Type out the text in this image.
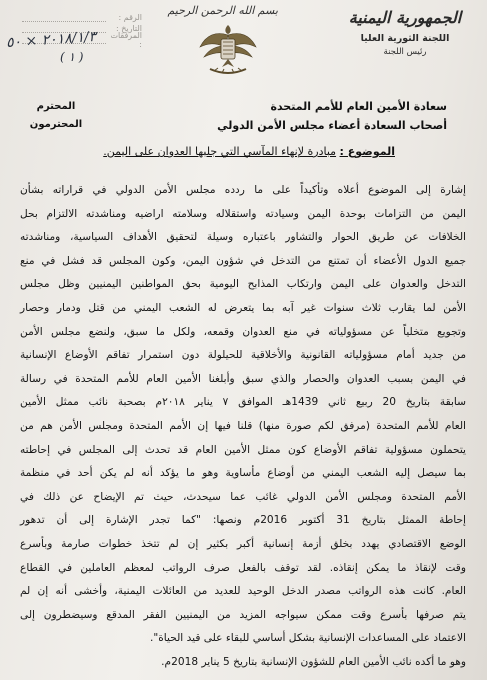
الجمهورية اليمنية
اللجنة الثورية العليا
رئيس اللجنة
بسم الله الرحمن الرحيم
الرقم :
التاريخ :
المرفقات :
٢٠١٨/١/٣ × ٥٠
( ١ )
سعادة الأمين العام للأمم المتحدة
أصحاب السعادة أعضاء مجلس الأمن الدولي
المحترم
المحترمون
الموضوع : مبادرة لإنهاء المآسي التي جلبها العدوان على اليمن.
إشارة إلى الموضوع أعلاه وتأكيداً على ما ردده مجلس الأمن الدولي في قراراته بشأن
اليمن من التزامات بوحدة اليمن وسيادته واستقلاله وسلامته اراضيه ومناشدته الالتزام بحل
الخلافات عن طريق الحوار والتشاور باعتباره وسيلة لتحقيق الأهداف السياسية، ومناشدته
جميع الدول الأعضاء أن تمتنع من التدخل في شؤون اليمن، وكون المجلس قد فشل في منع
التدخل والعدوان على اليمن وارتكاب المذابح اليومية بحق المواطنين اليمنيين وظل مجلس
الأمن لما يقارب ثلاث سنوات غير آبه بما يتعرض له الشعب اليمني من قتل ودمار وحصار
وتجويع متخلياً عن مسؤولياته في منع العدوان وقمعه، ولكل ما سبق، ولنضع مجلس الأمن
من جديد أمام مسؤولياته القانونية والأخلاقية للحيلولة دون استمرار تفاقم الأوضاع الإنسانية
في اليمن بسبب العدوان والحصار والذي سبق وأبلغنا الأمين العام للأمم المتحدة في رسالة
سابقة بتاريخ 20 ربيع ثاني 1439هـ الموافق ٧ يناير ٢٠١٨م بصحبة نائب ممثل الأمين
العام للأمم المتحدة (مرفق لكم صورة منها) قلنا فيها إن الأمم المتحدة ومجلس الأمن هم من
يتحملون مسؤولية تفاقم الأوضاع كون ممثل الأمين العام قد تحدث إلى المجلس في إحاطته
بما سيصل إليه الشعب اليمني من أوضاع مأساوية وهو ما يؤكد أنه لم يكن أحد في منظمة
الأمم المتحدة ومجلس الأمن الدولي غائب عما سيحدث، حيث تم الإيضاح عن ذلك في
إحاطة الممثل بتاريخ 31 أكتوبر 2016م ونصها: "كما تجدر الإشارة إلى أن تدهور
الوضع الاقتصادي يهدد بخلق أزمة إنسانية أكبر بكثير إن لم تتخذ خطوات صارمة وبأسرع
وقت لإنقاذ ما يمكن إنقاذه. لقد توقف بالفعل صرف الرواتب لمعظم العاملين في القطاع
العام. كانت هذه الرواتب مصدر الدخل الوحيد للعديد من العائلات اليمنية، وأخشى أنه إن لم
يتم صرفها بأسرع وقت ممكن سيواجه المزيد من اليمنيين الفقر المدقع وسيضطرون إلى
الاعتماد على المساعدات الإنسانية بشكل أساسي للبقاء على قيد الحياة".
وهو ما أكده نائب الأمين العام للشؤون الإنسانية بتاريخ 5 يناير 2018م.
